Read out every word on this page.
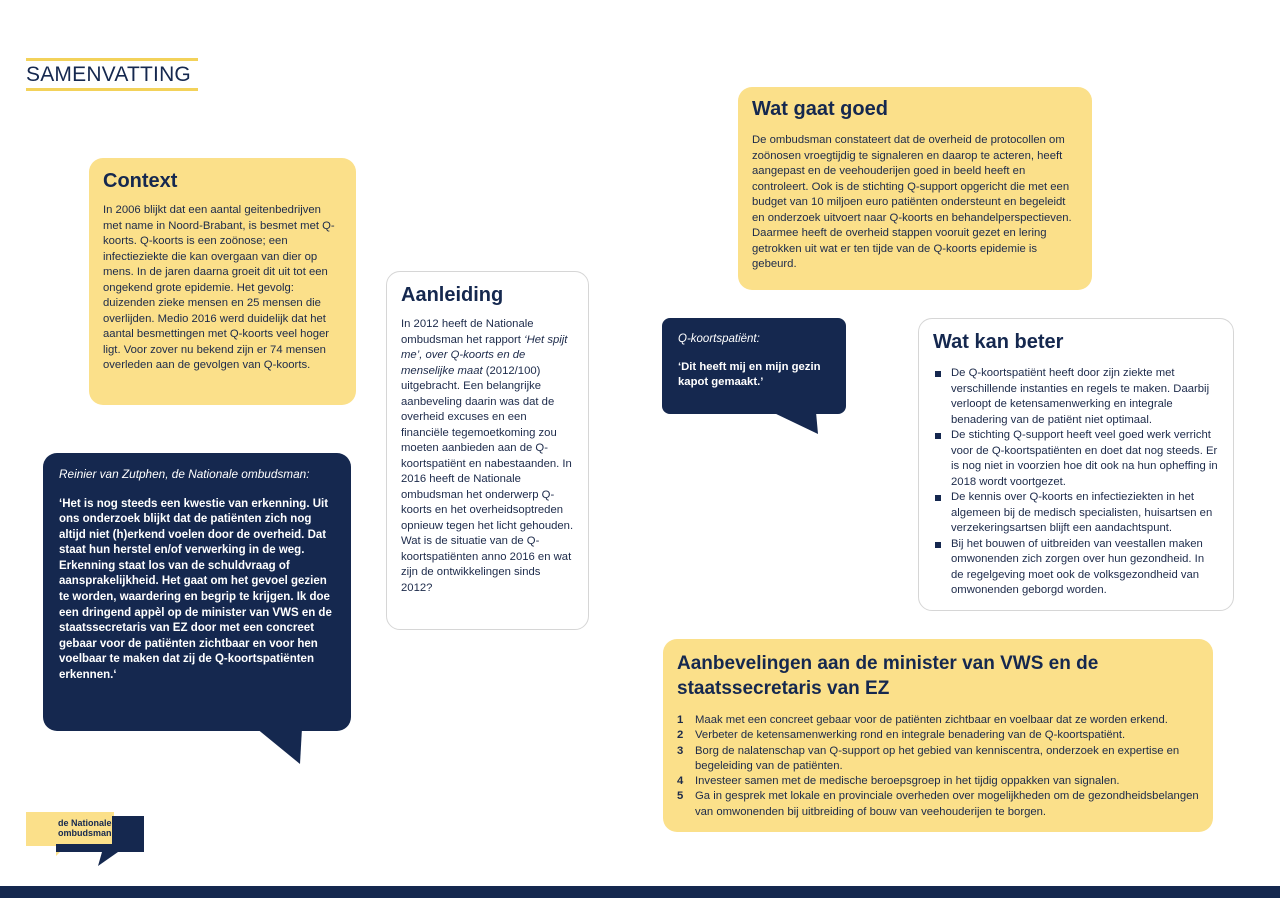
SAMENVATTING
Context

In 2006 blijkt dat een aantal geitenbedrijven met name in Noord-Brabant, is besmet met Q-koorts. Q-koorts is een zoönose; een infectieziekte die kan overgaan van dier op mens. In de jaren daarna groeit dit uit tot een ongekend grote epidemie. Het gevolg: duizenden zieke mensen en 25 mensen die overlijden. Medio 2016 werd duidelijk dat het aantal besmettingen met Q-koorts veel hoger ligt. Voor zover nu bekend zijn er 74 mensen overleden aan de gevolgen van Q-koorts.

Reinier van Zutphen, de Nationale ombudsman:

‘Het is nog steeds een kwestie van erkenning. Uit ons onderzoek blijkt dat de patiënten zich nog altijd niet (h)erkend voelen door de overheid. Dat staat hun herstel en/of verwerking in de weg. Erkenning staat los van de schuldvraag of aansprakelijkheid. Het gaat om het gevoel gezien te worden, waardering en begrip te krijgen. Ik doe een dringend appèl op de minister van VWS en de staatssecretaris van EZ door met een concreet gebaar voor de patiënten zichtbaar en voor hen voelbaar te maken dat zij de Q-koortspatiënten erkennen.‘

Aanleiding

In 2012 heeft de Nationale ombudsman het rapport ‘Het spijt me’, over Q-koorts en de menselijke maat (2012/100) uitgebracht. Een belangrijke aanbeveling daarin was dat de overheid excuses en een financiële tegemoetkoming zou moeten aanbieden aan de Q-koortspatiënt en nabestaanden. In 2016 heeft de Nationale ombudsman het onderwerp Q-koorts en het overheidsoptreden opnieuw tegen het licht gehouden. Wat is de situatie van de Q-koortspatiënten anno 2016 en wat zijn de ontwikkelingen sinds 2012?

Wat gaat goed

De ombudsman constateert dat de overheid de protocollen om zoönosen vroegtijdig te signaleren en daarop te acteren, heeft aangepast en de veehouderijen goed in beeld heeft en controleert. Ook is de stichting Q-support opgericht die met een budget van 10 miljoen euro patiënten ondersteunt en begeleidt en onderzoek uitvoert naar Q-koorts en behandelperspectieven. Daarmee heeft de overheid stappen vooruit gezet en lering getrokken uit wat er ten tijde van de Q-koorts epidemie is gebeurd.

Q-koortspatiënt:

‘Dit heeft mij en mijn gezin kapot gemaakt.’

Wat kan beter
De Q-koortspatiënt heeft door zijn ziekte met verschillende instanties en regels te maken. Daarbij verloopt de ketensamenwerking en integrale benadering van de patiënt niet optimaal.
De stichting Q-support heeft veel goed werk verricht voor de Q-koortspatiënten en doet dat nog steeds. Er is nog niet in voorzien hoe dit ook na hun opheffing in 2018 wordt voortgezet.
De kennis over Q-koorts en infectieziekten in het algemeen bij de medisch specialisten, huisartsen en verzekeringsartsen blijft een aandachtspunt.
Bij het bouwen of uitbreiden van veestallen maken omwonenden zich zorgen over hun gezondheid. In de regelgeving moet ook de volksgezondheid van omwonenden geborgd worden.
Aanbevelingen aan de minister van VWS en de staatssecretaris van EZ
1 Maak met een concreet gebaar voor de patiënten zichtbaar en voelbaar dat ze worden erkend.
2 Verbeter de ketensamenwerking rond en integrale benadering van de Q-koortspatiënt.
3 Borg de nalatenschap van Q-support op het gebied van kenniscentra, onderzoek en expertise en begeleiding van de patiënten.
4 Investeer samen met de medische beroepsgroep in het tijdig oppakken van signalen.
5 Ga in gesprek met lokale en provinciale overheden over mogelijkheden om de gezondheidsbelangen van omwonenden bij uitbreiding of bouw van veehouderijen te borgen.
de Nationale
ombudsman
